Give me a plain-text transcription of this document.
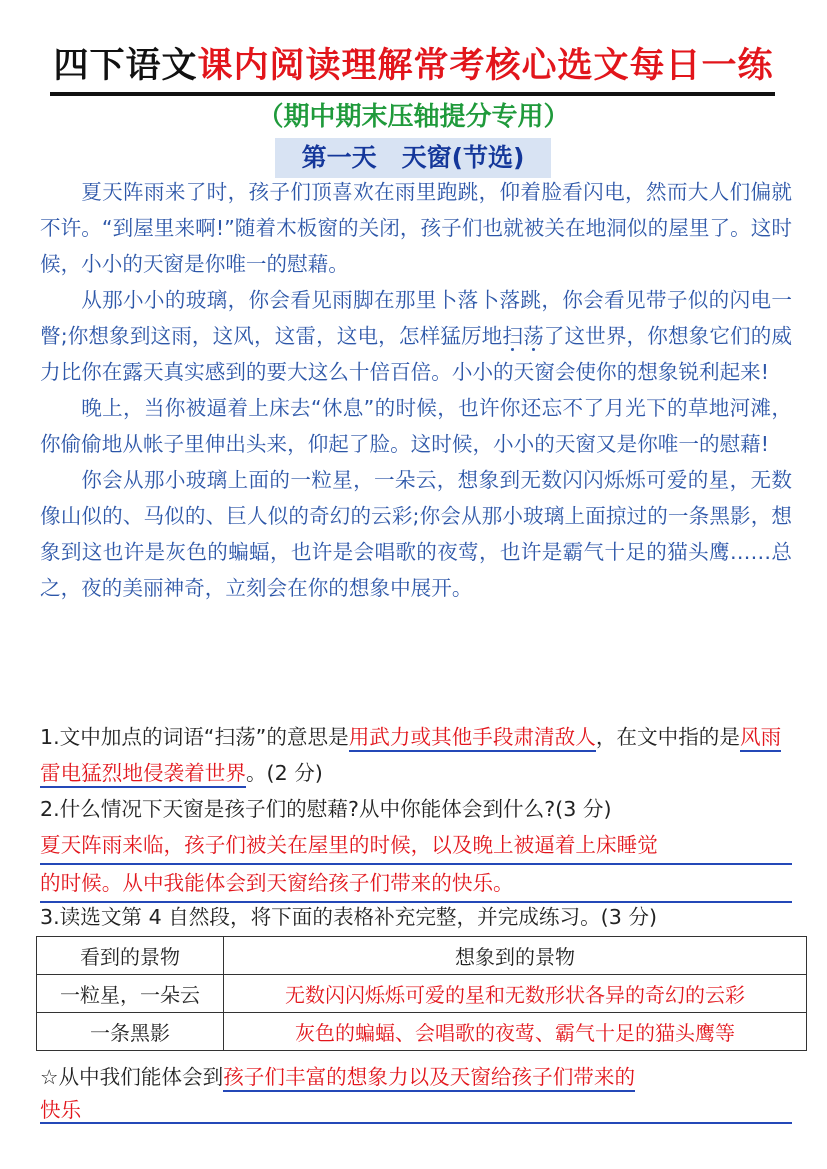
四下语文课内阅读理解常考核心选文每日一练
（期中期末压轴提分专用）
第一天　天窗(节选)

夏天阵雨来了时，孩子们顶喜欢在雨里跑跳，仰着脸看闪电，然而大人们偏就不许。“到屋里来啊!”随着木板窗的关闭，孩子们也就被关在地洞似的屋里了。这时候，小小的天窗是你唯一的慰藉。

从那小小的玻璃，你会看见雨脚在那里卜落卜落跳，你会看见带子似的闪电一瞥;你想象到这雨，这风，这雷，这电，怎样猛厉地扫荡了这世界，你想象它们的威力比你在露天真实感到的要大这么十倍百倍。小小的天窗会使你的想象锐利起来!

晚上，当你被逼着上床去“休息”的时候，也许你还忘不了月光下的草地河滩，你偷偷地从帐子里伸出头来，仰起了脸。这时候，小小的天窗又是你唯一的慰藉!

你会从那小玻璃上面的一粒星，一朵云，想象到无数闪闪烁烁可爱的星，无数像山似的、马似的、巨人似的奇幻的云彩;你会从那小玻璃上面掠过的一条黑影，想象到这也许是灰色的蝙蝠，也许是会唱歌的夜莺，也许是霸气十足的猫头鹰……总之，夜的美丽神奇，立刻会在你的想象中展开。

1.文中加点的词语“扫荡”的意思是用武力或其他手段肃清敌人，在文中指的是风雨雷电猛烈地侵袭着世界。(2 分)
2.什么情况下天窗是孩子们的慰藉?从中你能体会到什么?(3 分)
夏天阵雨来临，孩子们被关在屋里的时候，以及晚上被逼着上床睡觉
的时候。从中我能体会到天窗给孩子们带来的快乐。
3.读选文第 4 自然段，将下面的表格补充完整，并完成练习。(3 分)
看到的景物	想象到的景物
一粒星，一朵云	无数闪闪烁烁可爱的星和无数形状各异的奇幻的云彩
一条黑影	灰色的蝙蝠、会唱歌的夜莺、霸气十足的猫头鹰等
☆从中我们能体会到孩子们丰富的想象力以及天窗给孩子们带来的
快乐
